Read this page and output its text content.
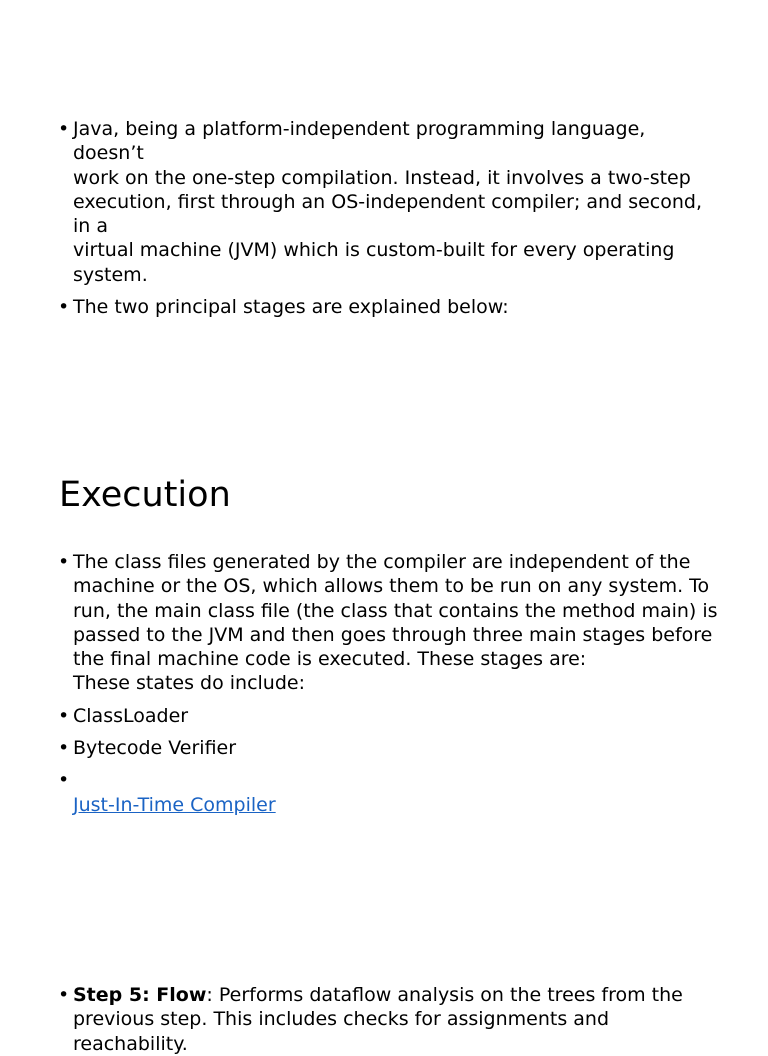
• Java, being a platform-independent programming language, doesn’t
work on the one-step compilation. Instead, it involves a two-step
execution, first through an OS-independent compiler; and second, in a
virtual machine (JVM) which is custom-built for every operating
system.
• The two principal stages are explained below:
Execution
• The class files generated by the compiler are independent of the
machine or the OS, which allows them to be run on any system. To
run, the main class file (the class that contains the method main) is
passed to the JVM and then goes through three main stages before
the final machine code is executed. These stages are:
These states do include:
• ClassLoader
• Bytecode Verifier

• Just-In-Time Compiler

• Step 5: Flow: Performs dataflow analysis on the trees from the
previous step. This includes checks for assignments and reachability.
